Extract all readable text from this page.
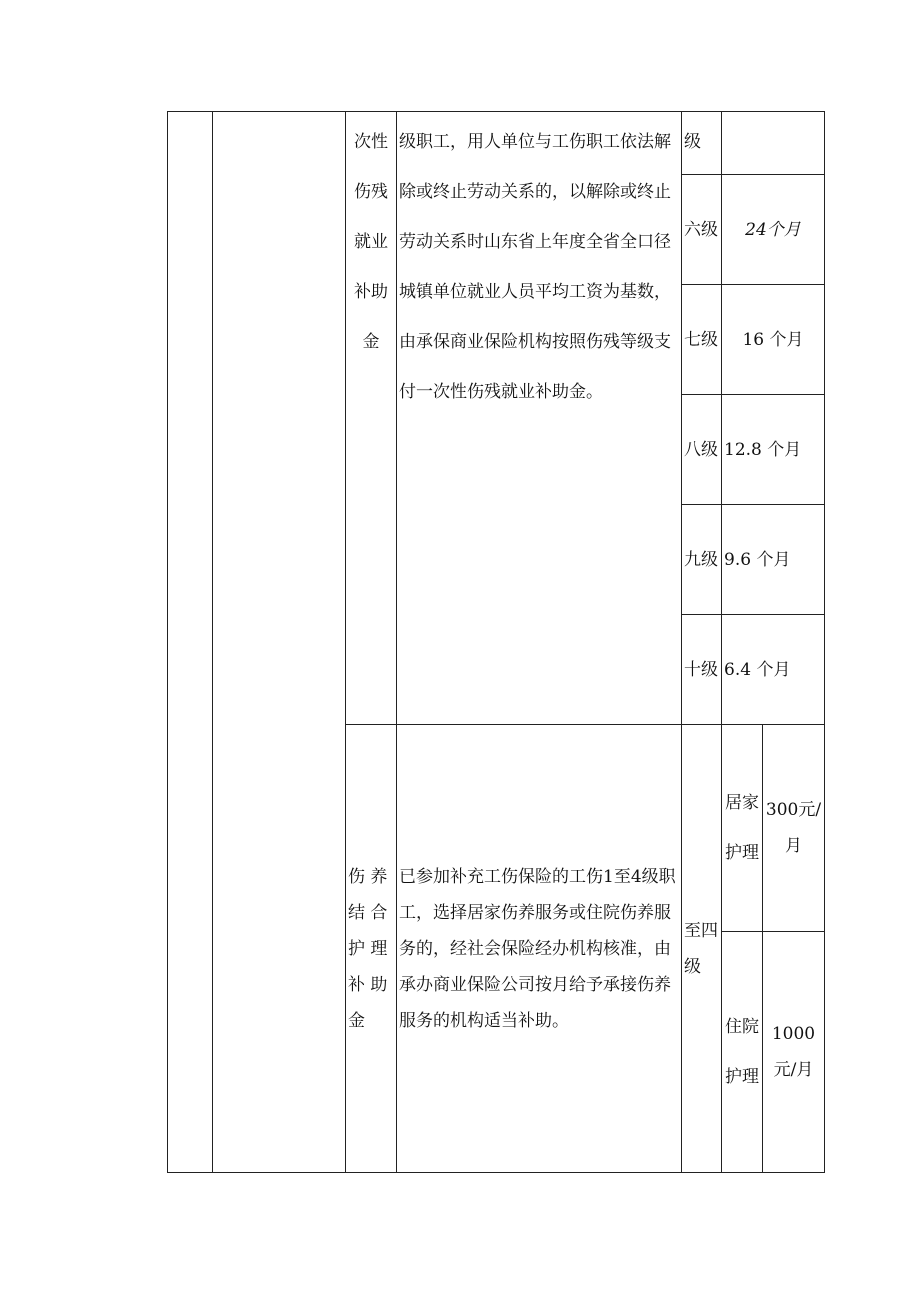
		次性伤残就业补助金	级职工，用人单位与工伤职工依法解除或终止劳动关系的，以解除或终止劳动关系时山东省上年度全省全口径城镇单位就业人员平均工资为基数，由承保商业保险机构按照伤残等级支付一次性伤残就业补助金。	级		
				六级	24个月	
				七级	16 个月	
				八级	12.8 个月	
				九级	9.6 个月	
				十级	6.4 个月	

		伤 养
结 合
护 理
补 助
金	已参加补充工伤保险的工伤1至4级职工，选择居家伤养服务或住院伤养服务的，经社会保险经办机构核准，由承办商业保险公司按月给予承接伤养服务的机构适当补助。	至四级	居家护理	300元/月
					住院护理	1000元/月
